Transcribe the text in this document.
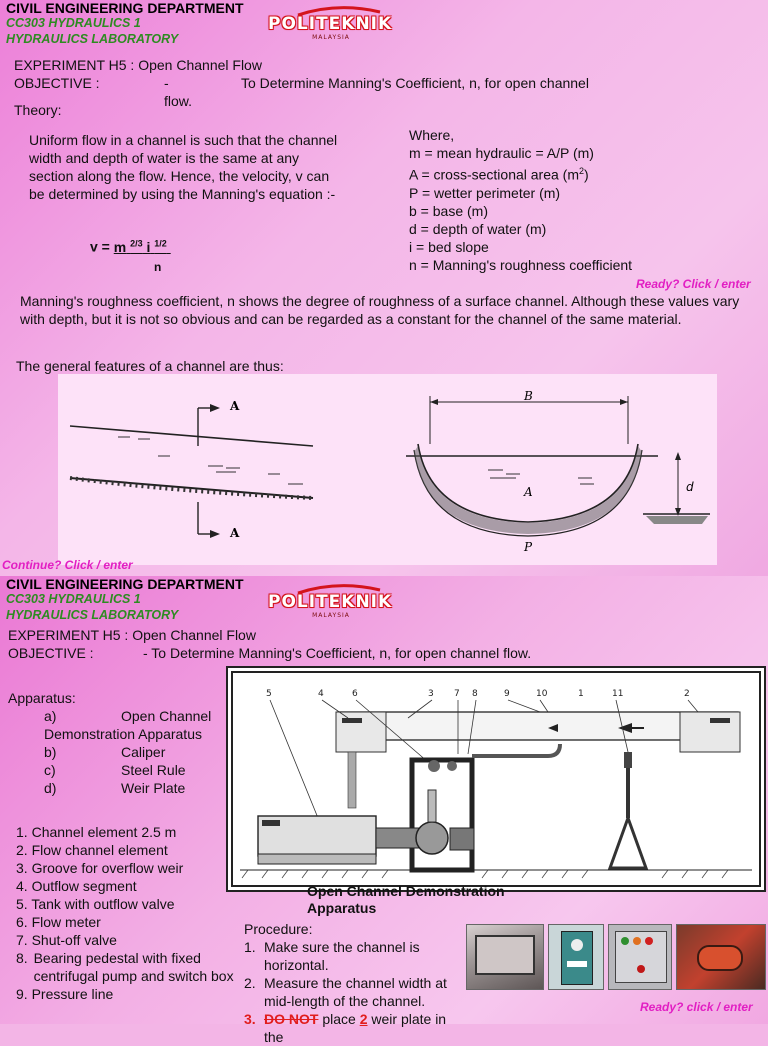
CIVIL ENGINEERING DEPARTMENT
CC303 HYDRAULICS 1
HYDRAULICS LABORATORY
POLITEKNIK
MALAYSIA
EXPERIMENT H5 : Open Channel Flow
OBJECTIVE :	-	To Determine Manning's Coefficient, n, for open channel
flow.
Theory:
Uniform flow in a channel is such that the channel width and depth of water is the same at any section along the flow. Hence, the velocity, v can be determined by using the Manning's equation :-
v = m $^{2/3}$ i $^{1/2}$
n
Where,
m = mean hydraulic = A/P (m)
A = cross-sectional area $(m^2)$
P = wetter perimeter (m)
b = base (m)
d = depth of water (m)
i = bed slope
n = Manning's roughness coefficient
Ready? Click / enter
Manning's roughness coefficient, n shows the degree of roughness of a surface channel. Although these values vary with depth, but it is not so obvious and can be regarded as a constant for the channel of the same material.
The general features of a channel are thus:
A
A
B
A
P
d
Continue? Click / enter
CIVIL ENGINEERING DEPARTMENT
CC303 HYDRAULICS 1
HYDRAULICS LABORATORY
POLITEKNIK
MALAYSIA
EXPERIMENT H5 : Open Channel Flow
OBJECTIVE :	- To Determine Manning's Coefficient, n, for open channel flow.
Apparatus:
a)	Open Channel
Demonstration Apparatus
b)	Caliper
c)	Steel Rule
d)	Weir Plate
1. Channel element 2.5 m
2. Flow channel element
3. Groove for overflow weir
4. Outflow segment
5. Tank with outflow valve
6. Flow meter
7. Shut-off valve
8. Bearing pedestal with fixed centrifugal pump and switch box
9. Pressure line
5	4	6	3 7 8	9	10	1	11	2
Open Channel Demonstration Apparatus
Procedure:
1. Make sure the channel is horizontal.
2. Measure the channel width at mid-length of the channel.
3. DO NOT place 2 weir plate in the
Ready? click / enter
